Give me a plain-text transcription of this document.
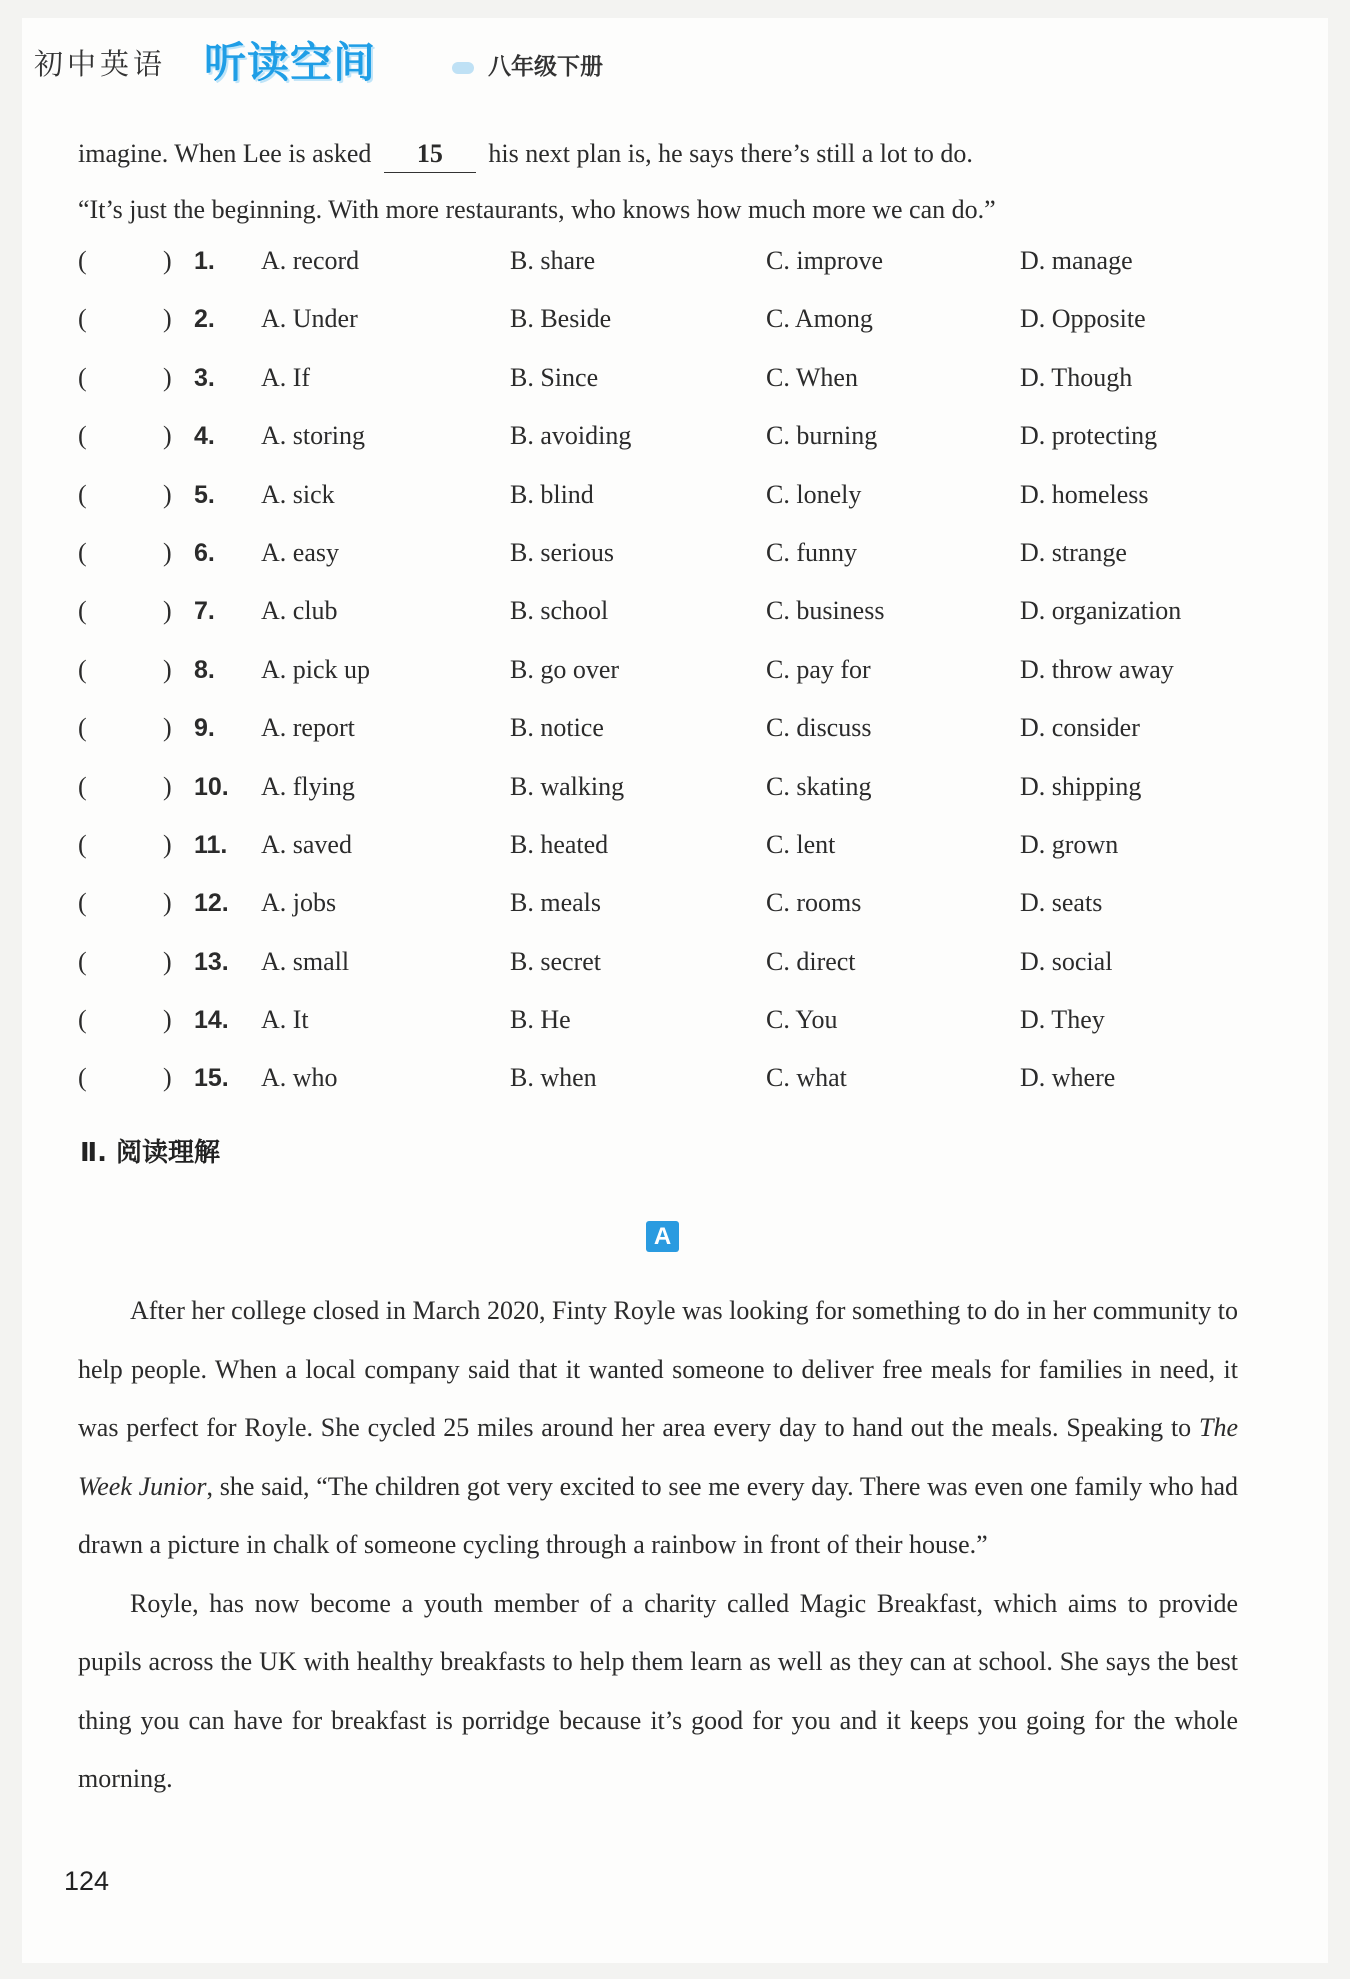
初中英语 听读空间	八年级下册

imagine. When Lee is asked 15 his next plan is, he says there’s still a lot to do.

“It’s just the beginning. With more restaurants, who knows how much more we can do.”

(	) 1. A. record	B. share	C. improve	D. manage
(	) 2. A. Under	B. Beside	C. Among	D. Opposite
(	) 3. A. If	B. Since	C. When	D. Though
(	) 4. A. storing	B. avoiding	C. burning	D. protecting
(	) 5. A. sick	B. blind	C. lonely	D. homeless
(	) 6. A. easy	B. serious	C. funny	D. strange
(	) 7. A. club	B. school	C. business	D. organization
(	) 8. A. pick up	B. go over	C. pay for	D. throw away
(	) 9. A. report	B. notice	C. discuss	D. consider
(	) 10. A. flying	B. walking	C. skating	D. shipping
(	) 11. A. saved	B. heated	C. lent	D. grown
(	) 12. A. jobs	B. meals	C. rooms	D. seats
(	) 13. A. small	B. secret	C. direct	D. social
(	) 14. A. It	B. He	C. You	D. They
(	) 15. A. who	B. when	C. what	D. where
Ⅱ. 阅读理解
A

After her college closed in March 2020, Finty Royle was looking for something to do in her community to help people. When a local company said that it wanted someone to deliver free meals for families in need, it was perfect for Royle. She cycled 25 miles around her area every day to hand out the meals. Speaking to The Week Junior, she said, “The children got very excited to see me every day. There was even one family who had drawn a picture in chalk of someone cycling through a rainbow in front of their house.”

Royle, has now become a youth member of a charity called Magic Breakfast, which aims to provide pupils across the UK with healthy breakfasts to help them learn as well as they can at school. She says the best thing you can have for breakfast is porridge because it’s good for you and it keeps you going for the whole morning.

124
